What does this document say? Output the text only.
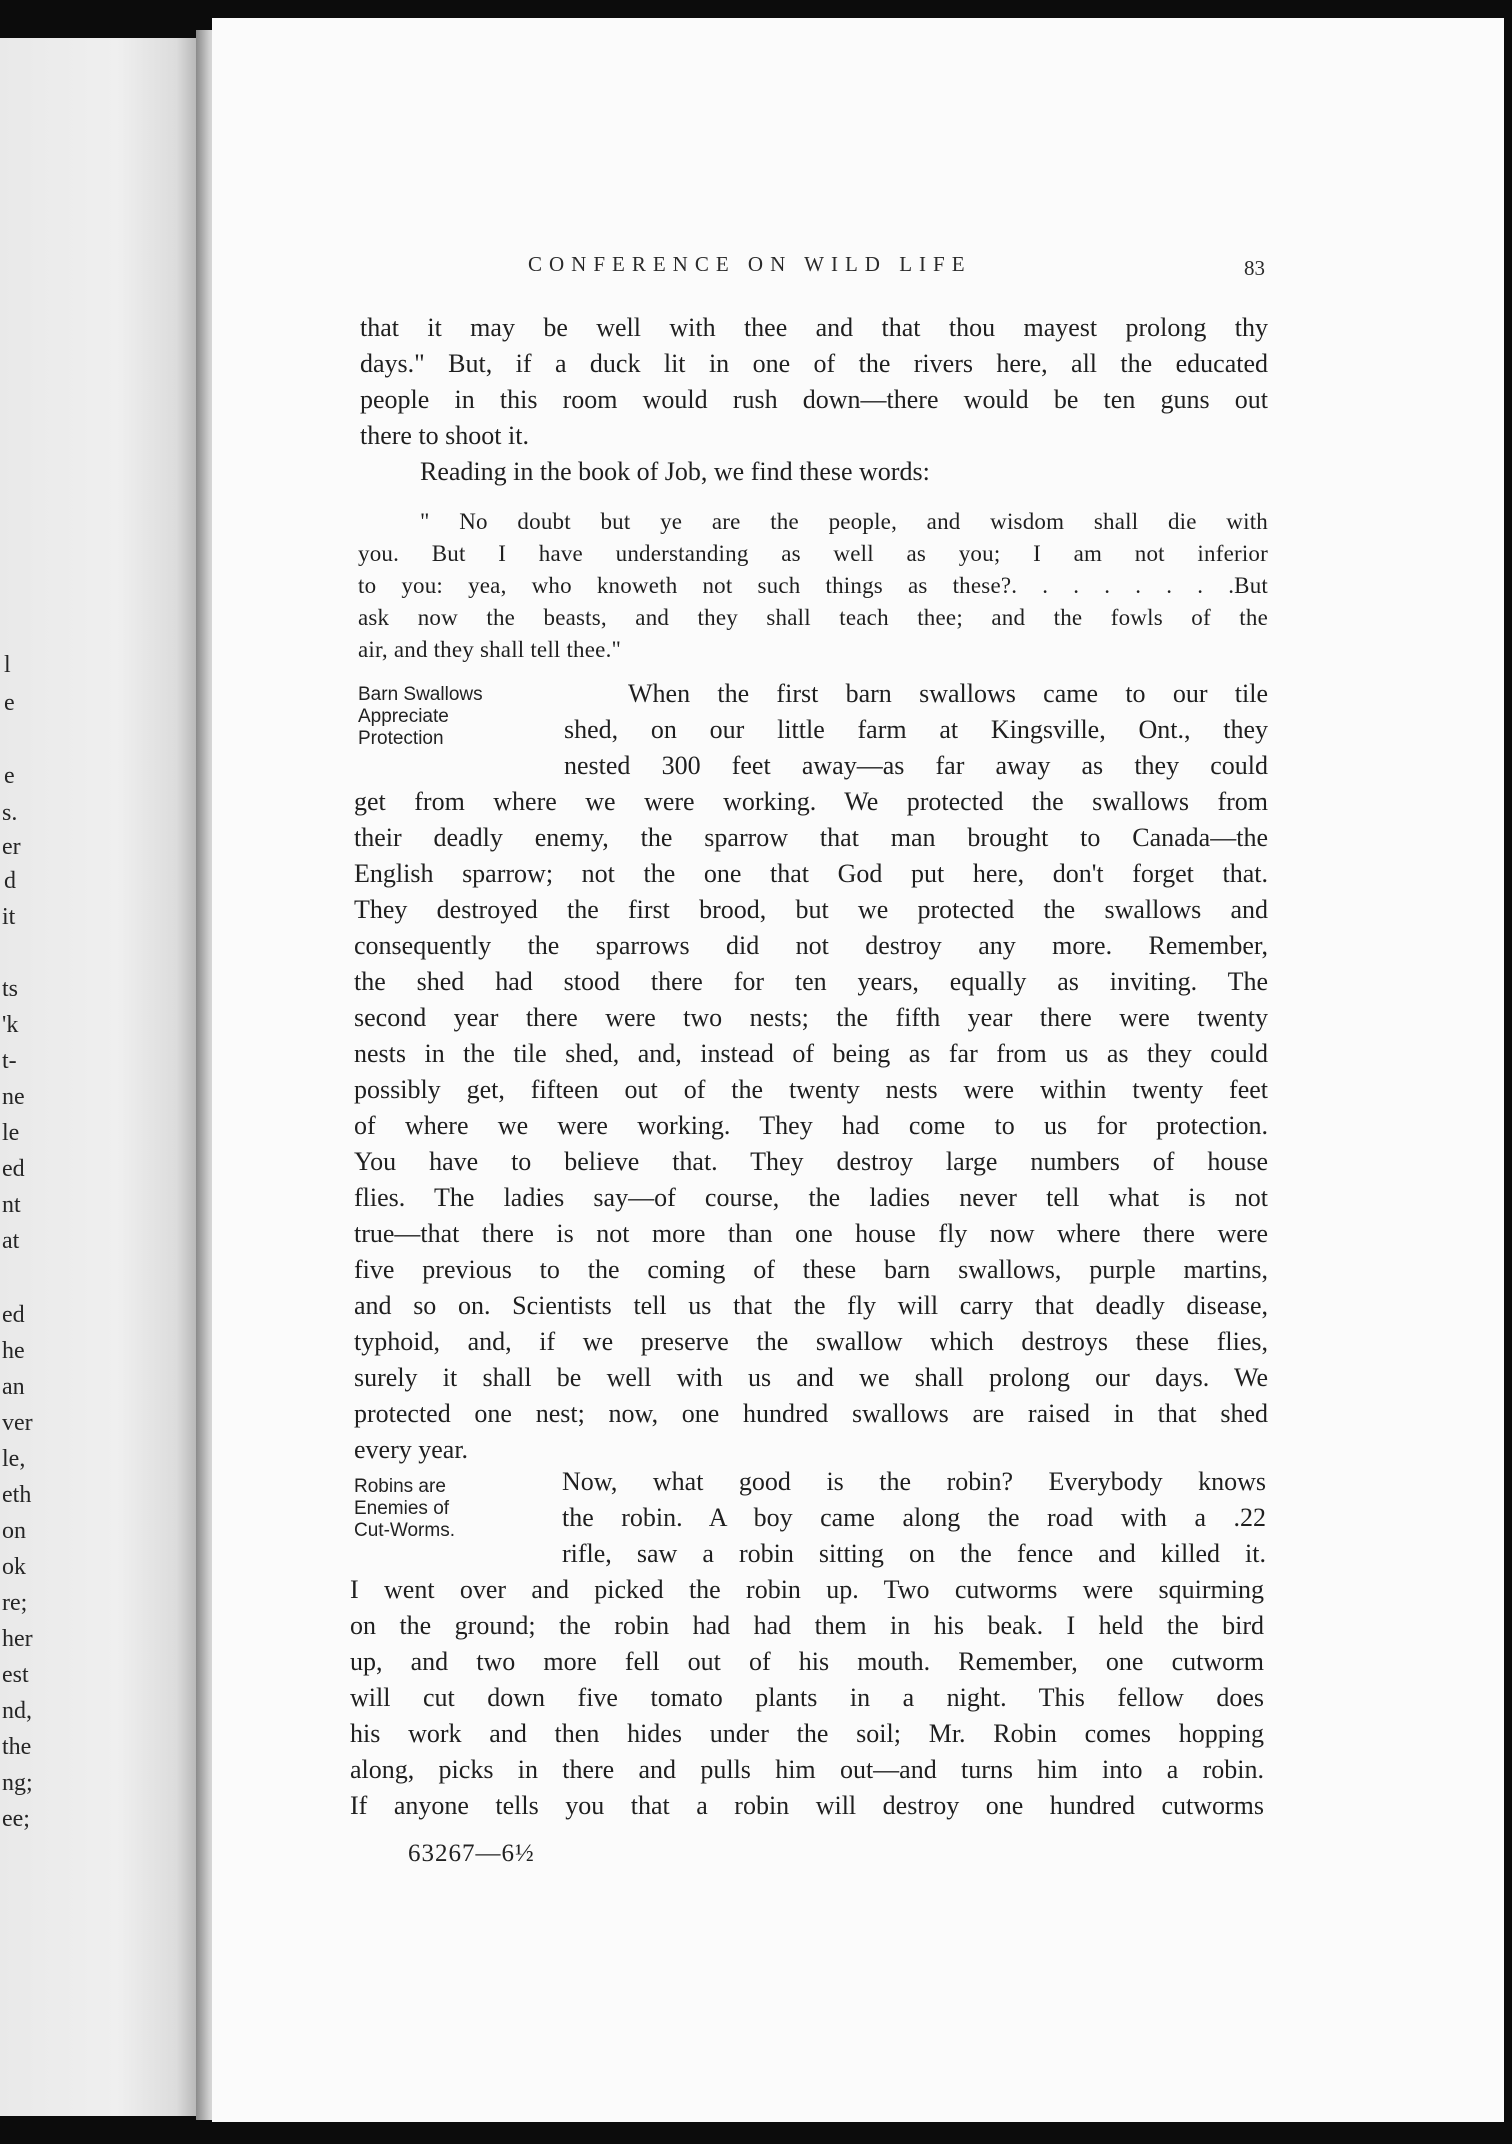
l
e
e
s.
er
d
it
ts
'k
t-
ne
le
ed
nt
at
ed
he
an
ver
le,
eth
on
ok
re;
her
est
nd,
the
ng;
ee;
CONFERENCE ON WILD LIFE	83
that it may be well with thee and that thou mayest prolong thy
days." But, if a duck lit in one of the rivers here, all the educated
people in this room would rush down—there would be ten guns out
there to shoot it.
Reading in the book of Job, we find these words:
" No doubt but ye are the people, and wisdom shall die with
you. But I have understanding as well as you; I am not inferior
to you: yea, who knoweth not such things as these?. . . . . . . .But
ask now the beasts, and they shall teach thee; and the fowls of the
air, and they shall tell thee."
Barn Swallows
Appreciate
Protection
When the first barn swallows came to our tile
shed, on our little farm at Kingsville, Ont., they
nested 300 feet away—as far away as they could
get from where we were working. We protected the swallows from
their deadly enemy, the sparrow that man brought to Canada—the
English sparrow; not the one that God put here, don't forget that.
They destroyed the first brood, but we protected the swallows and
consequently the sparrows did not destroy any more. Remember,
the shed had stood there for ten years, equally as inviting. The
second year there were two nests; the fifth year there were twenty
nests in the tile shed, and, instead of being as far from us as they could
possibly get, fifteen out of the twenty nests were within twenty feet
of where we were working. They had come to us for protection.
You have to believe that. They destroy large numbers of house
flies. The ladies say—of course, the ladies never tell what is not
true—that there is not more than one house fly now where there were
five previous to the coming of these barn swallows, purple martins,
and so on. Scientists tell us that the fly will carry that deadly disease,
typhoid, and, if we preserve the swallow which destroys these flies,
surely it shall be well with us and we shall prolong our days. We
protected one nest; now, one hundred swallows are raised in that shed
every year.
Robins are
Enemies of
Cut-Worms.
Now, what good is the robin? Everybody knows
the robin. A boy came along the road with a .22
rifle, saw a robin sitting on the fence and killed it.
I went over and picked the robin up. Two cutworms were squirming
on the ground; the robin had had them in his beak. I held the bird
up, and two more fell out of his mouth. Remember, one cutworm
will cut down five tomato plants in a night. This fellow does
his work and then hides under the soil; Mr. Robin comes hopping
along, picks in there and pulls him out—and turns him into a robin.
If anyone tells you that a robin will destroy one hundred cutworms
63267—6½
